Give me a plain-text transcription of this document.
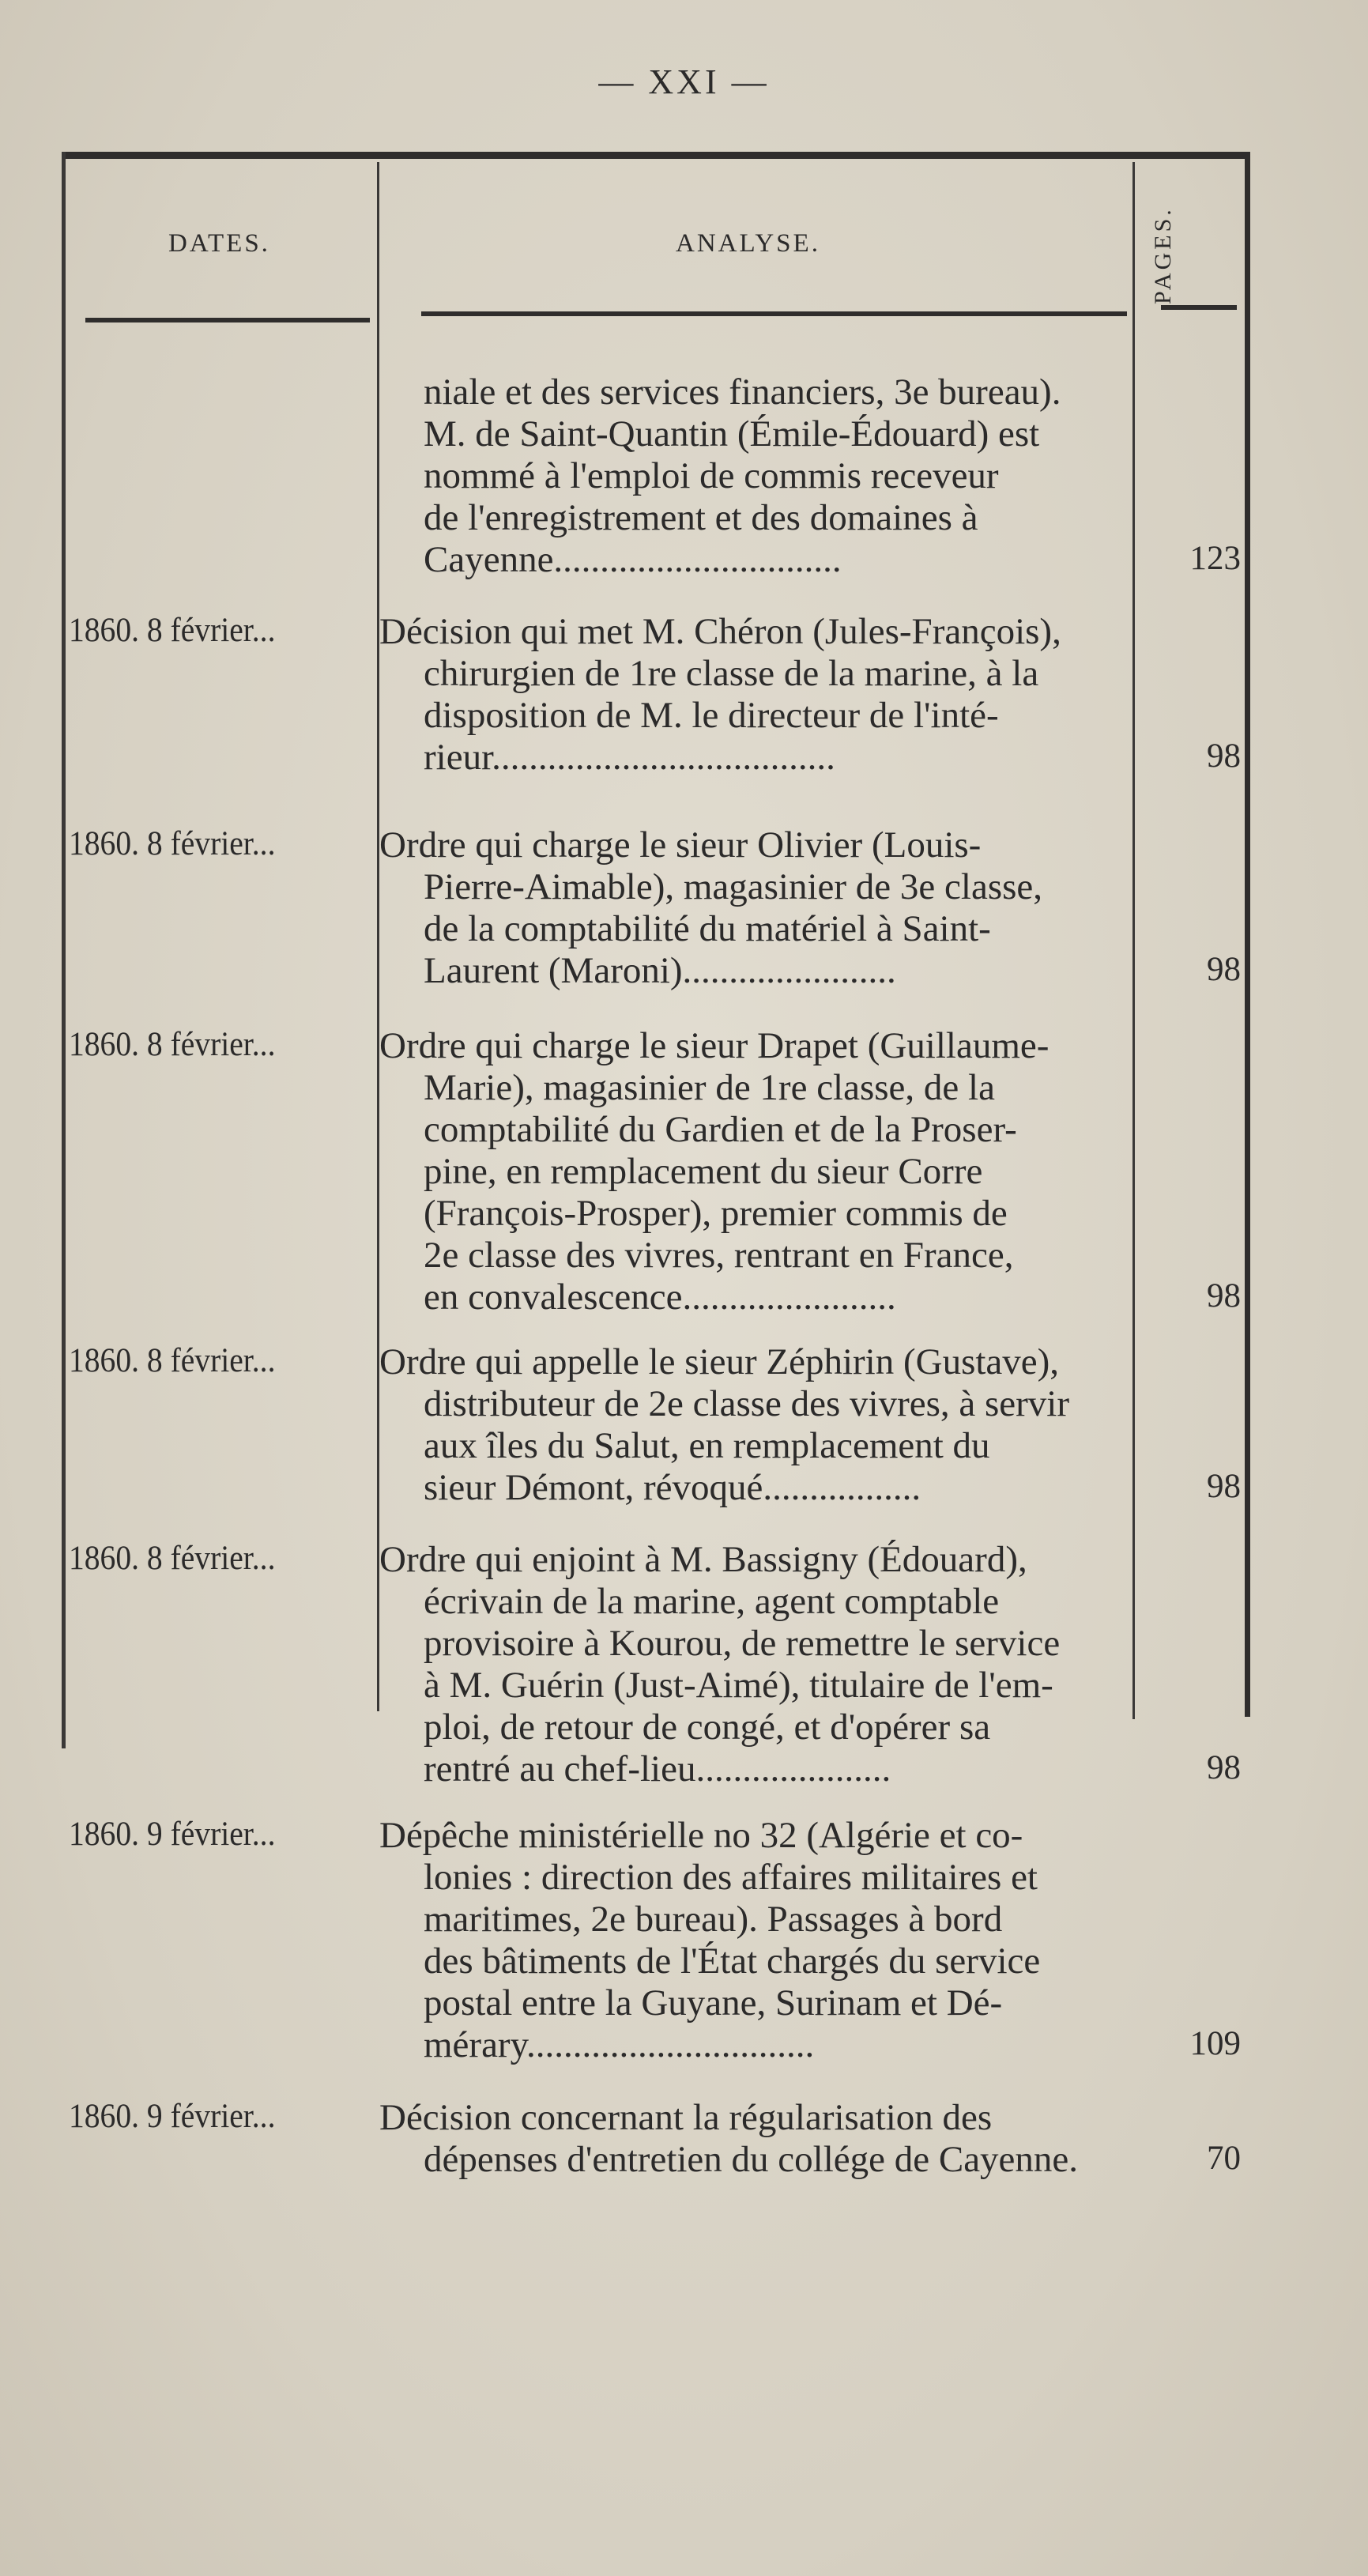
— XXI —
DATES.	ANALYSE.	PAGES.
niale et des services financiers, 3e bureau).
M. de Saint-Quantin (Émile-Édouard) est
nommé à l'emploi de commis receveur
de l'enregistrement et des domaines à
Cayenne...............................	123
1860. 8 février...	Décision qui met M. Chéron (Jules-François),
chirurgien de 1re classe de la marine, à la
disposition de M. le directeur de l'inté-
rieur.....................................	98
1860. 8 février...	Ordre qui charge le sieur Olivier (Louis-
Pierre-Aimable), magasinier de 3e classe,
de la comptabilité du matériel à Saint-
Laurent (Maroni).......................	98
1860. 8 février...	Ordre qui charge le sieur Drapet (Guillaume-
Marie), magasinier de 1re classe, de la
comptabilité du Gardien et de la Proser-
pine, en remplacement du sieur Corre
(François-Prosper), premier commis de
2e classe des vivres, rentrant en France,
en convalescence.......................	98
1860. 8 février...	Ordre qui appelle le sieur Zéphirin (Gustave),
distributeur de 2e classe des vivres, à servir
aux îles du Salut, en remplacement du
sieur Démont, révoqué.................	98
1860. 8 février...	Ordre qui enjoint à M. Bassigny (Édouard),
écrivain de la marine, agent comptable
provisoire à Kourou, de remettre le service
à M. Guérin (Just-Aimé), titulaire de l'em-
ploi, de retour de congé, et d'opérer sa
rentré au chef-lieu.....................	98
1860. 9 février...	Dépêche ministérielle no 32 (Algérie et co-
lonies : direction des affaires militaires et
maritimes, 2e bureau). Passages à bord
des bâtiments de l'État chargés du service
postal entre la Guyane, Surinam et Dé-
mérary...............................	109
1860. 9 février...	Décision concernant la régularisation des
dépenses d'entretien du collége de Cayenne.	70
